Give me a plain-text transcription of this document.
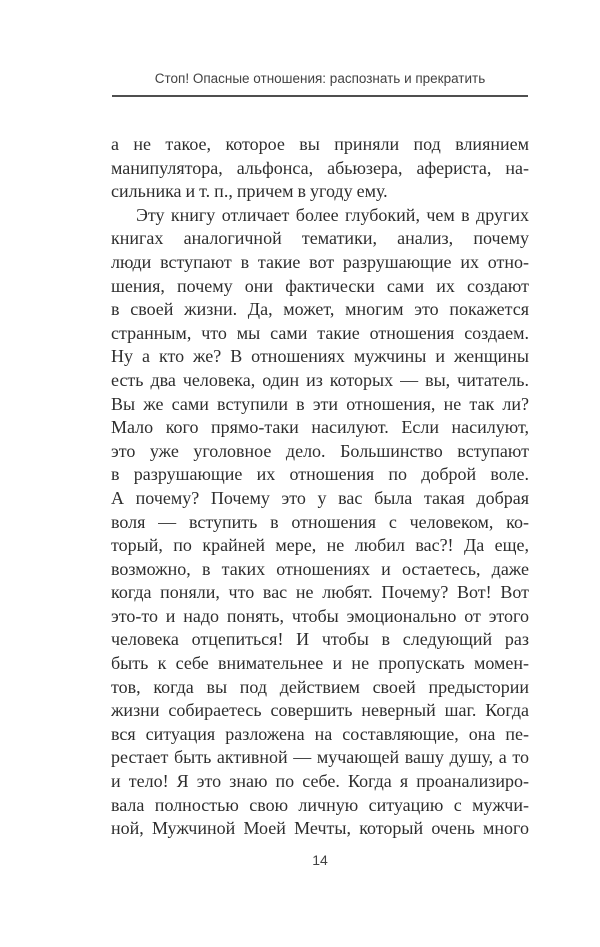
Стоп! Опасные отношения: распознать и прекратить
а не такое, которое вы приняли под влиянием
манипулятора, альфонса, абьюзера, афериста, на-
сильника и т. п., причем в угоду ему.
Эту книгу отличает более глубокий, чем в других
книгах аналогичной тематики, анализ, почему
люди вступают в такие вот разрушающие их отно-
шения, почему они фактически сами их создают
в своей жизни. Да, может, многим это покажется
странным, что мы сами такие отношения создаем.
Ну а кто же? В отношениях мужчины и женщины
есть два человека, один из которых — вы, читатель.
Вы же сами вступили в эти отношения, не так ли?
Мало кого прямо-таки насилуют. Если насилуют,
это уже уголовное дело. Большинство вступают
в разрушающие их отношения по доброй воле.
А почему? Почему это у вас была такая добрая
воля — вступить в отношения с человеком, ко-
торый, по крайней мере, не любил вас?! Да еще,
возможно, в таких отношениях и остаетесь, даже
когда поняли, что вас не любят. Почему? Вот! Вот
это-то и надо понять, чтобы эмоционально от этого
человека отцепиться! И чтобы в следующий раз
быть к себе внимательнее и не пропускать момен-
тов, когда вы под действием своей предыстории
жизни собираетесь совершить неверный шаг. Когда
вся ситуация разложена на составляющие, она пе-
рестает быть активной — мучающей вашу душу, а то
и тело! Я это знаю по себе. Когда я проанализиро-
вала полностью свою личную ситуацию с мужчи-
ной, Мужчиной Моей Мечты, который очень много
14
